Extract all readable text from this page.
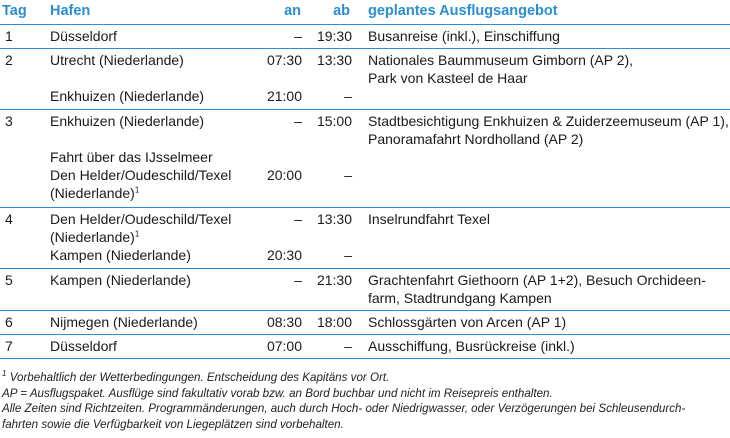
Tag Hafen	an ab geplantes Ausflugsangebot
1	Düsseldorf	–	19:30 Busanreise (inkl.), Einschiffung
2	Utrecht (Niederlande)	07:30	13:30 Nationales Baummuseum Gimborn (AP 2),
Park von Kasteel de Haar
Enkhuizen (Niederlande)	21:00	–
3	Enkhuizen (Niederlande)	–	15:00 Stadtbesichtigung Enkhuizen & Zuiderzeemuseum (AP 1),
Panoramafahrt Nordholland (AP 2)
Fahrt über das IJsselmeer
Den Helder/Oudeschild/Texel	20:00	–
(Niederlande)$^1$
4	Den Helder/Oudeschild/Texel	–	13:30 Inselrundfahrt Texel
(Niederlande)$^1$
Kampen (Niederlande)	20:30	–
5	Kampen (Niederlande)	–	21:30 Grachtenfahrt Giethoorn (AP 1+2), Besuch Orchideen-
farm, Stadtrundgang Kampen
6	Nijmegen (Niederlande)	08:30	18:00 Schlossgärten von Arcen (AP 1)
7	Düsseldorf	07:00	– Ausschiffung, Busrückreise (inkl.)
$^1$ Vorbehaltlich der Wetterbedingungen. Entscheidung des Kapitäns vor Ort.
AP = Ausflugspaket. Ausflüge sind fakultativ vorab bzw. an Bord buchbar und nicht im Reisepreis enthalten.
Alle Zeiten sind Richtzeiten. Programmänderungen, auch durch Hoch- oder Niedrigwasser, oder Verzögerungen bei Schleusendurch-
fahrten sowie die Verfügbarkeit von Liegeplätzen sind vorbehalten.
